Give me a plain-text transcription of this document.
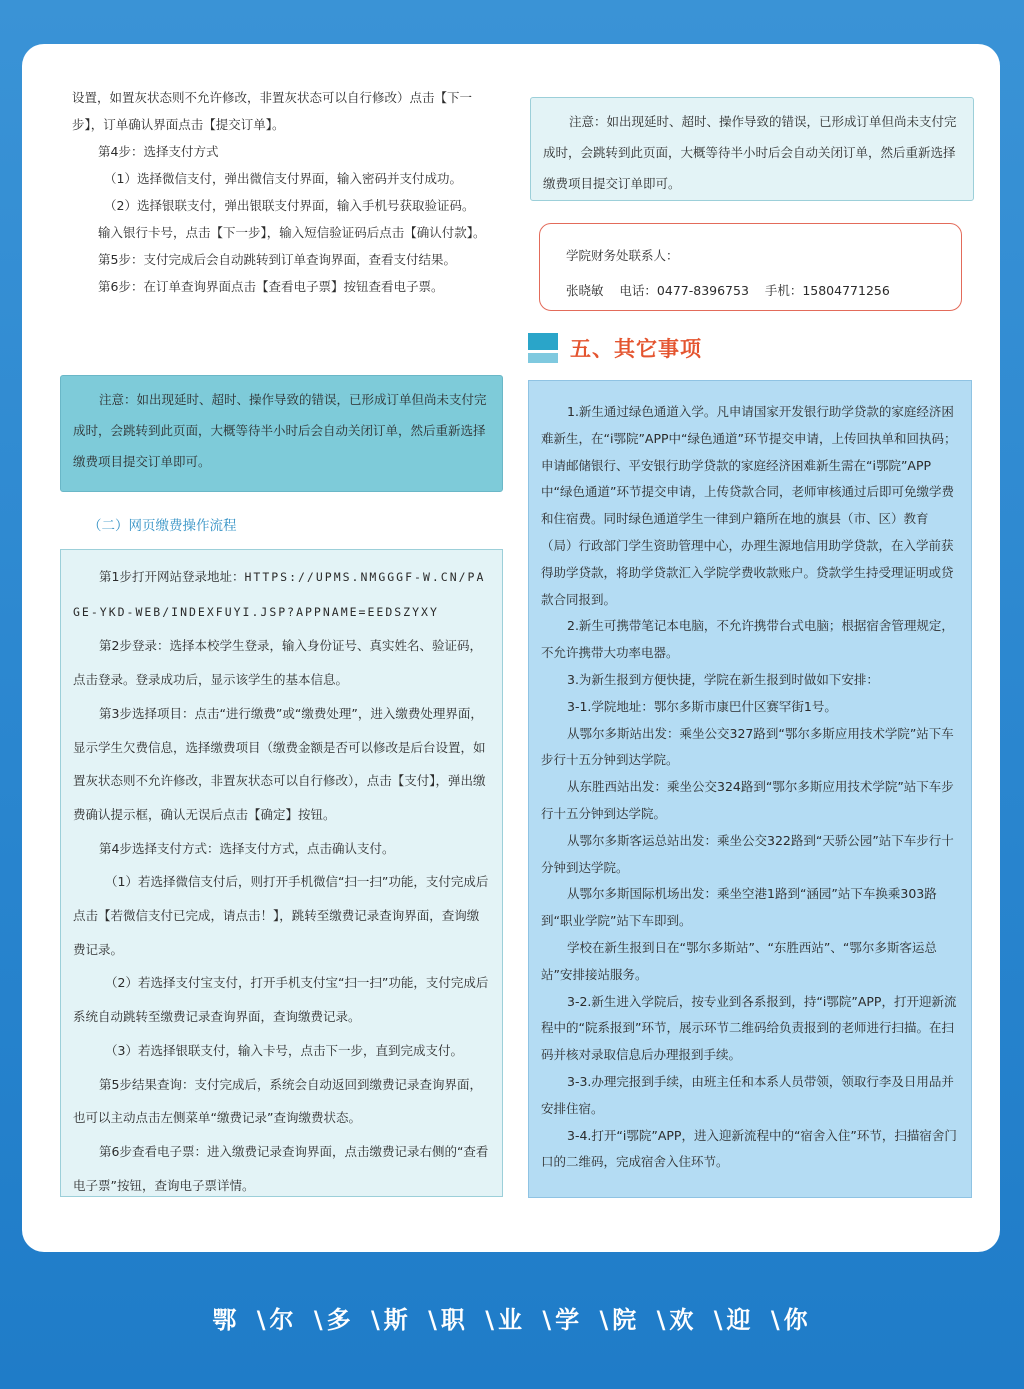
设置，如置灰状态则不允许修改，非置灰状态可以自行修改）点击【下一步】，订单确认界面点击【提交订单】。

第4步：选择支付方式

（1）选择微信支付，弹出微信支付界面，输入密码并支付成功。

（2）选择银联支付，弹出银联支付界面，输入手机号获取验证码。

输入银行卡号，点击【下一步】，输入短信验证码后点击【确认付款】。

第5步：支付完成后会自动跳转到订单查询界面，查看支付结果。

第6步：在订单查询界面点击【查看电子票】按钮查看电子票。

注意：如出现延时、超时、操作导致的错误，已形成订单但尚未支付完成时，会跳转到此页面，大概等待半小时后会自动关闭订单，然后重新选择缴费项目提交订单即可。

（二）网页缴费操作流程

第1步打开网站登录地址：HTTPS://UPMS.NMGGGF-W.CN/PAGE-YKD-WEB/INDEXFUYI.JSP?APPNAME=EEDSZYXY

第2步登录：选择本校学生登录，输入身份证号、真实姓名、验证码，点击登录。登录成功后，显示该学生的基本信息。

第3步选择项目：点击“进行缴费”或“缴费处理”，进入缴费处理界面，显示学生欠费信息，选择缴费项目（缴费金额是否可以修改是后台设置，如置灰状态则不允许修改，非置灰状态可以自行修改），点击【支付】，弹出缴费确认提示框，确认无误后点击【确定】按钮。

第4步选择支付方式：选择支付方式，点击确认支付。

（1）若选择微信支付后，则打开手机微信“扫一扫”功能，支付完成后点击【若微信支付已完成，请点击！】，跳转至缴费记录查询界面，查询缴费记录。

（2）若选择支付宝支付，打开手机支付宝“扫一扫”功能，支付完成后系统自动跳转至缴费记录查询界面，查询缴费记录。

（3）若选择银联支付，输入卡号，点击下一步，直到完成支付。

第5步结果查询：支付完成后，系统会自动返回到缴费记录查询界面，也可以主动点击左侧菜单“缴费记录”查询缴费状态。

第6步查看电子票：进入缴费记录查询界面，点击缴费记录右侧的“查看电子票”按钮，查询电子票详情。

注意：如出现延时、超时、操作导致的错误，已形成订单但尚未支付完成时，会跳转到此页面，大概等待半小时后会自动关闭订单，然后重新选择缴费项目提交订单即可。

学院财务处联系人：

张晓敏 电话：0477-8396753 手机：15804771256

五、其它事项

1.新生通过绿色通道入学。凡申请国家开发银行助学贷款的家庭经济困难新生，在“i鄂院”APP中“绿色通道”环节提交申请，上传回执单和回执码；申请邮储银行、平安银行助学贷款的家庭经济困难新生需在“i鄂院”APP中“绿色通道”环节提交申请，上传贷款合同，老师审核通过后即可免缴学费和住宿费。同时绿色通道学生一律到户籍所在地的旗县（市、区）教育（局）行政部门学生资助管理中心，办理生源地信用助学贷款，在入学前获得助学贷款，将助学贷款汇入学院学费收款账户。贷款学生持受理证明或贷款合同报到。

2.新生可携带笔记本电脑，不允许携带台式电脑；根据宿舍管理规定，不允许携带大功率电器。

3.为新生报到方便快捷，学院在新生报到时做如下安排：

3-1.学院地址：鄂尔多斯市康巴什区赛罕街1号。

从鄂尔多斯站出发：乘坐公交327路到“鄂尔多斯应用技术学院”站下车步行十五分钟到达学院。

从东胜西站出发：乘坐公交324路到“鄂尔多斯应用技术学院”站下车步行十五分钟到达学院。

从鄂尔多斯客运总站出发：乘坐公交322路到“天骄公园”站下车步行十分钟到达学院。

从鄂尔多斯国际机场出发：乘坐空港1路到“涵园”站下车换乘303路到“职业学院”站下车即到。

学校在新生报到日在“鄂尔多斯站”、“东胜西站”、“鄂尔多斯客运总站”安排接站服务。

3-2.新生进入学院后，按专业到各系报到，持“i鄂院”APP，打开迎新流程中的“院系报到”环节，展示环节二维码给负责报到的老师进行扫描。在扫码并核对录取信息后办理报到手续。

3-3.办理完报到手续，由班主任和本系人员带领，领取行李及日用品并安排住宿。

3-4.打开“i鄂院”APP，进入迎新流程中的“宿舍入住”环节，扫描宿舍门口的二维码，完成宿舍入住环节。

鄂 \尔 \多 \斯 \职 \业 \学 \院 \欢 \迎 \你
